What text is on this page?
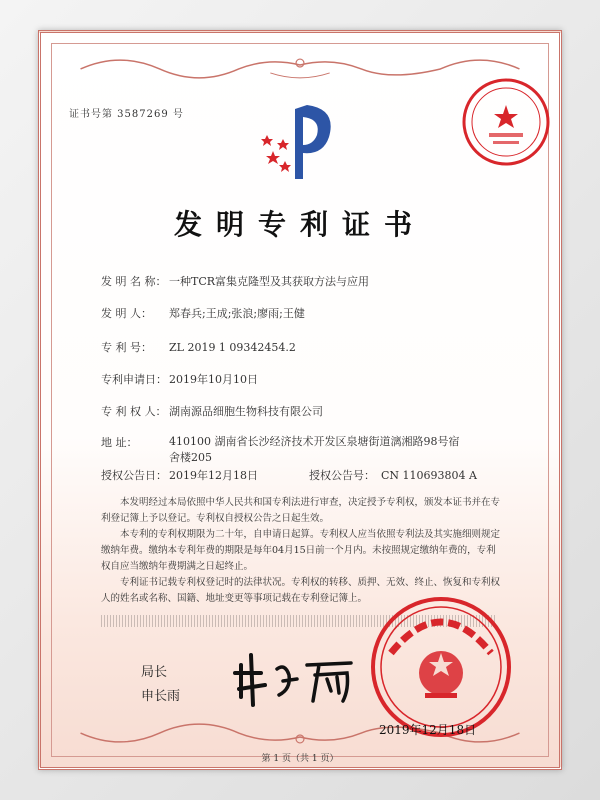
证书号第 3587269 号
发明专利证书
发 明 名 称： 一种TCR富集克隆型及其获取方法与应用
发 明 人： 郑春兵;王成;张浪;廖雨;王健
专 利 号： ZL 2019 1 09342454.2
专利申请日： 2019年10月10日
专 利 权 人： 湖南源品细胞生物科技有限公司
地 址：	410100 湖南省长沙经济技术开发区泉塘街道漓湘路98号宿舍楼205
授权公告日： 2019年12月18日	授权公告号： CN 110693804 A

本发明经过本局依照中华人民共和国专利法进行审查，决定授予专利权，颁发本证书并在专利登记簿上予以登记。专利权自授权公告之日起生效。

本专利的专利权期限为二十年，自申请日起算。专利权人应当依照专利法及其实施细则规定缴纳年费。缴纳本专利年费的期限是每年04月15日前一个月内。未按照规定缴纳年费的，专利权自应当缴纳年费期满之日起终止。

专利证书记载专利权登记时的法律状况。专利权的转移、质押、无效、终止、恢复和专利权人的姓名或名称、国籍、地址变更等事项记载在专利登记簿上。

局长
申长雨
2019年12月18日
第 1 页（共 1 页）
